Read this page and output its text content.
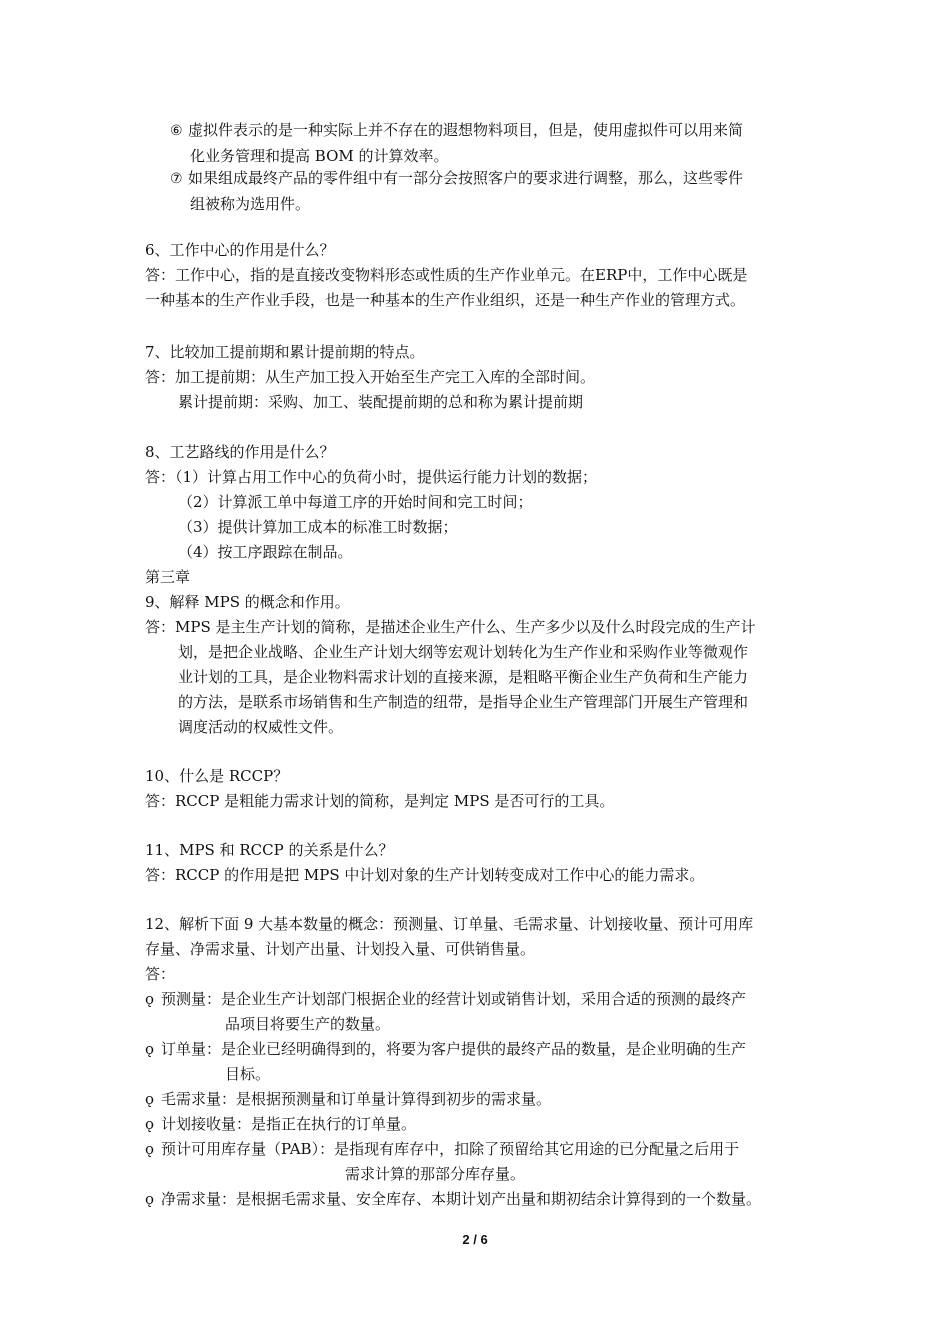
⑥ 虚拟件表示的是一种实际上并不存在的遐想物料项目，但是，使用虚拟件可以用来简
化业务管理和提高 BOM 的计算效率。
⑦ 如果组成最终产品的零件组中有一部分会按照客户的要求进行调整，那么，这些零件
组被称为选用件。
6、工作中心的作用是什么？
答：工作中心，指的是直接改变物料形态或性质的生产作业单元。在ERP中，工作中心既是
一种基本的生产作业手段，也是一种基本的生产作业组织，还是一种生产作业的管理方式。
7、比较加工提前期和累计提前期的特点。
答：加工提前期：从生产加工投入开始至生产完工入库的全部时间。
累计提前期：采购、加工、装配提前期的总和称为累计提前期
8、工艺路线的作用是什么？
答：（1）计算占用工作中心的负荷小时，提供运行能力计划的数据；
（2）计算派工单中每道工序的开始时间和完工时间；
（3）提供计算加工成本的标准工时数据；
（4）按工序跟踪在制品。
第三章
9、解释 MPS 的概念和作用。
答：MPS 是主生产计划的简称，是描述企业生产什么、生产多少以及什么时段完成的生产计
划，是把企业战略、企业生产计划大纲等宏观计划转化为生产作业和采购作业等微观作
业计划的工具，是企业物料需求计划的直接来源，是粗略平衡企业生产负荷和生产能力
的方法，是联系市场销售和生产制造的纽带，是指导企业生产管理部门开展生产管理和
调度活动的权威性文件。
10、什么是 RCCP？
答：RCCP 是粗能力需求计划的简称，是判定 MPS 是否可行的工具。
11、MPS 和 RCCP 的关系是什么？
答：RCCP 的作用是把 MPS 中计划对象的生产计划转变成对工作中心的能力需求。
12、解析下面 9 大基本数量的概念：预测量、订单量、毛需求量、计划接收量、预计可用库
存量、净需求量、计划产出量、计划投入量、可供销售量。
答：
ǫ 预测量：是企业生产计划部门根据企业的经营计划或销售计划，采用合适的预测的最终产
品项目将要生产的数量。
ǫ 订单量：是企业已经明确得到的，将要为客户提供的最终产品的数量，是企业明确的生产
目标。
ǫ 毛需求量：是根据预测量和订单量计算得到初步的需求量。
ǫ 计划接收量：是指正在执行的订单量。
ǫ 预计可用库存量（PAB）：是指现有库存中，扣除了预留给其它用途的已分配量之后用于
需求计算的那部分库存量。
ǫ 净需求量：是根据毛需求量、安全库存、本期计划产出量和期初结余计算得到的一个数量。
2 / 6
